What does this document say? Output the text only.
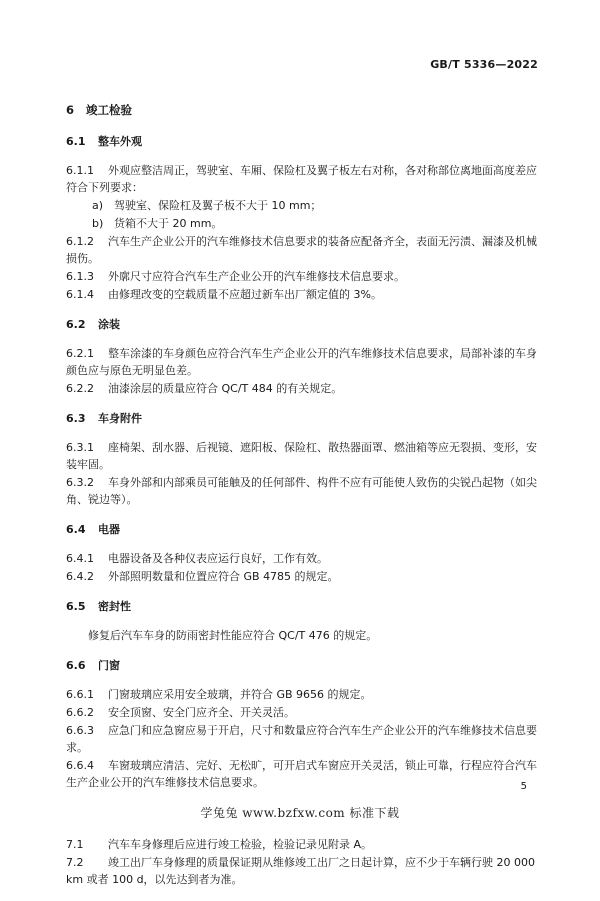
GB/T 5336—2022
6 竣工检验
6.1 整车外观
6.1.1 外观应整洁周正，驾驶室、车厢、保险杠及翼子板左右对称，各对称部位离地面高度差应符合下列要求：
a) 驾驶室、保险杠及翼子板不大于 10 mm；
b) 货箱不大于 20 mm。
6.1.2 汽车生产企业公开的汽车维修技术信息要求的装备应配备齐全，表面无污渍、漏漆及机械损伤。
6.1.3 外廓尺寸应符合汽车生产企业公开的汽车维修技术信息要求。
6.1.4 由修理改变的空载质量不应超过新车出厂额定值的 3%。
6.2 涂装
6.2.1 整车涂漆的车身颜色应符合汽车生产企业公开的汽车维修技术信息要求，局部补漆的车身颜色应与原色无明显色差。
6.2.2 油漆涂层的质量应符合 QC/T 484 的有关规定。
6.3 车身附件
6.3.1 座椅架、刮水器、后视镜、遮阳板、保险杠、散热器面罩、燃油箱等应无裂损、变形，安装牢固。
6.3.2 车身外部和内部乘员可能触及的任何部件、构件不应有可能使人致伤的尖锐凸起物（如尖角、锐边等）。
6.4 电器
6.4.1 电器设备及各种仪表应运行良好，工作有效。
6.4.2 外部照明数量和位置应符合 GB 4785 的规定。
6.5 密封性
修复后汽车车身的防雨密封性能应符合 QC/T 476 的规定。
6.6 门窗
6.6.1 门窗玻璃应采用安全玻璃，并符合 GB 9656 的规定。
6.6.2 安全顶窗、安全门应齐全、开关灵活。
6.6.3 应急门和应急窗应易于开启，尺寸和数量应符合汽车生产企业公开的汽车维修技术信息要求。
6.6.4 车窗玻璃应清洁、完好、无松旷，可开启式车窗应开关灵活，锁止可靠，行程应符合汽车生产企业公开的汽车维修技术信息要求。
7.1 汽车车身修理后应进行竣工检验，检验记录见附录 A。
7.2 竣工出厂车身修理的质量保证期从维修竣工出厂之日起计算，应不少于车辆行驶 20 000 km 或者 100 d，以先达到者为准。
5
学兔兔 www.bzfxw.com 标准下载
